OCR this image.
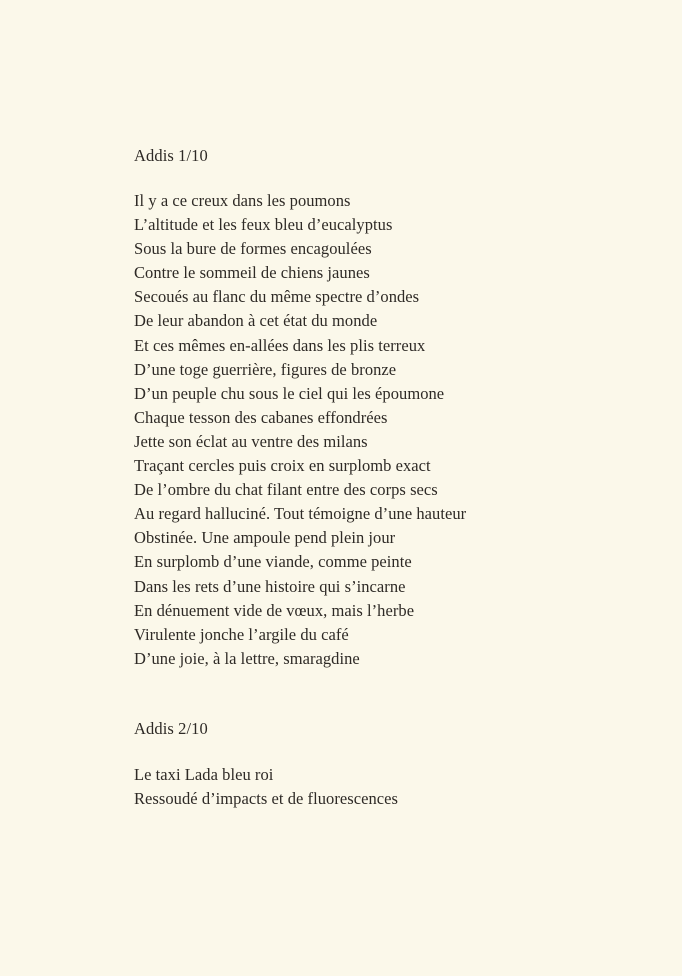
Addis 1/10
Il y a ce creux dans les poumons
L’altitude et les feux bleu d’eucalyptus
Sous la bure de formes encagoulées
Contre le sommeil de chiens jaunes
Secoués au flanc du même spectre d’ondes
De leur abandon à cet état du monde
Et ces mêmes en-allées dans les plis terreux
D’une toge guerrière, figures de bronze
D’un peuple chu sous le ciel qui les époumone
Chaque tesson des cabanes effondrées
Jette son éclat au ventre des milans
Traçant cercles puis croix en surplomb exact
De l’ombre du chat filant entre des corps secs
Au regard halluciné. Tout témoigne d’une hauteur
Obstinée. Une ampoule pend plein jour
En surplomb d’une viande, comme peinte
Dans les rets d’une histoire qui s’incarne
En dénuement vide de vœux, mais l’herbe
Virulente jonche l’argile du café
D’une joie, à la lettre, smaragdine
Addis 2/10
Le taxi Lada bleu roi
Ressoudé d’impacts et de fluorescences
